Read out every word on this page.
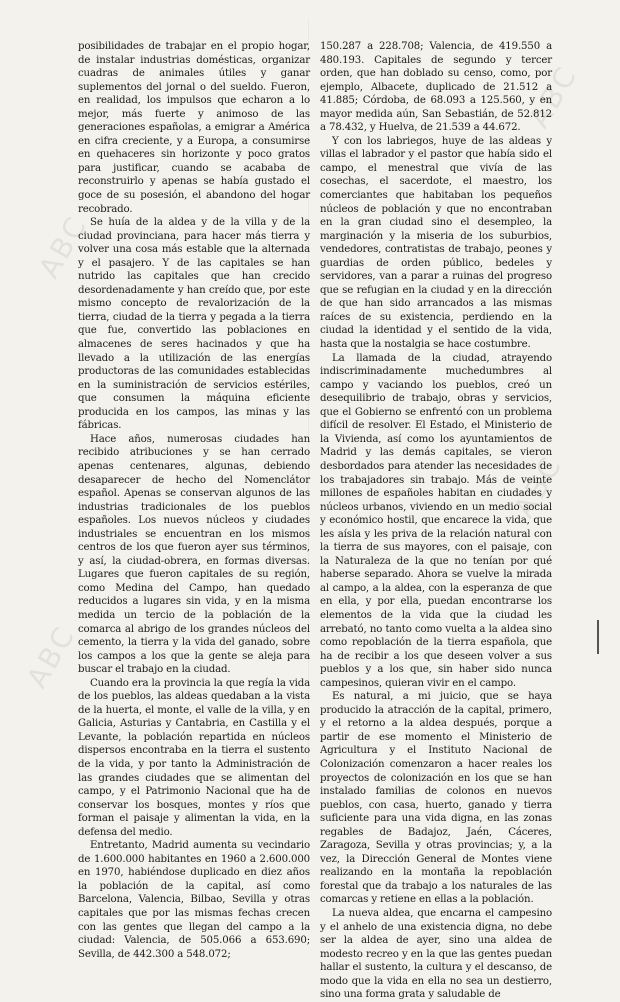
ABC
ABC
ABC
ABC

posibilidades de trabajar en el propio hogar, de instalar industrias domésticas, organizar cuadras de animales útiles y ganar suplementos del jornal o del sueldo. Fueron, en realidad, los impulsos que echaron a lo mejor, más fuerte y animoso de las generaciones españolas, a emigrar a América en cifra creciente, y a Europa, a consumirse en quehaceres sin horizonte y poco gratos para justificar, cuando se acababa de reconstruirlo y apenas se había gustado el goce de su posesión, el abandono del hogar recobrado.

Se huía de la aldea y de la villa y de la ciudad provinciana, para hacer más tierra y volver una cosa más estable que la alternada y el pasajero. Y de las capitales se han nutrido las capitales que han crecido desordenadamente y han creído que, por este mismo concepto de revalorización de la tierra, ciudad de la tierra y pegada a la tierra que fue, convertido las poblaciones en almacenes de seres hacinados y que ha llevado a la utilización de las energías productoras de las comunidades establecidas en la suministración de servicios estériles, que consumen la máquina eficiente producida en los campos, las minas y las fábricas.

Hace años, numerosas ciudades han recibido atribuciones y se han cerrado apenas centenares, algunas, debiendo desaparecer de hecho del Nomenclátor español. Apenas se conservan algunos de las industrias tradicionales de los pueblos españoles. Los nuevos núcleos y ciudades industriales se encuentran en los mismos centros de los que fueron ayer sus términos, y así, la ciudad-obrera, en formas diversas. Lugares que fueron capitales de su región, como Medina del Campo, han quedado reducidos a lugares sin vida, y en la misma medida un tercio de la población de la comarca al abrigo de los grandes núcleos del cemento, la tierra y la vida del ganado, sobre los campos a los que la gente se aleja para buscar el trabajo en la ciudad.

Cuando era la provincia la que regía la vida de los pueblos, las aldeas quedaban a la vista de la huerta, el monte, el valle de la villa, y en Galicia, Asturias y Cantabria, en Castilla y el Levante, la población repartida en núcleos dispersos encontraba en la tierra el sustento de la vida, y por tanto la Administración de las grandes ciudades que se alimentan del campo, y el Patrimonio Nacional que ha de conservar los bosques, montes y ríos que forman el paisaje y alimentan la vida, en la defensa del medio.

Entretanto, Madrid aumenta su vecindario de 1.600.000 habitantes en 1960 a 2.600.000 en 1970, habiéndose duplicado en diez años la población de la capital, así como Barcelona, Valencia, Bilbao, Sevilla y otras capitales que por las mismas fechas crecen con las gentes que llegan del campo a la ciudad: Valencia, de 505.066 a 653.690; Sevilla, de 442.300 a 548.072;

150.287 a 228.708; Valencia, de 419.550 a 480.193. Capitales de segundo y tercer orden, que han doblado su censo, como, por ejemplo, Albacete, duplicado de 21.512 a 41.885; Córdoba, de 68.093 a 125.560, y en mayor medida aún, San Sebastián, de 52.812 a 78.432, y Huelva, de 21.539 a 44.672.

Y con los labriegos, huye de las aldeas y villas el labrador y el pastor que había sido el campo, el menestral que vivía de las cosechas, el sacerdote, el maestro, los comerciantes que habitaban los pequeños núcleos de población y que no encontraban en la gran ciudad sino el desempleo, la marginación y la miseria de los suburbios, vendedores, contratistas de trabajo, peones y guardias de orden público, bedeles y servidores, van a parar a ruinas del progreso que se refugian en la ciudad y en la dirección de que han sido arrancados a las mismas raíces de su existencia, perdiendo en la ciudad la identidad y el sentido de la vida, hasta que la nostalgia se hace costumbre.

La llamada de la ciudad, atrayendo indiscriminadamente muchedumbres al campo y vaciando los pueblos, creó un desequilibrio de trabajo, obras y servicios, que el Gobierno se enfrentó con un problema difícil de resolver. El Estado, el Ministerio de la Vivienda, así como los ayuntamientos de Madrid y las demás capitales, se vieron desbordados para atender las necesidades de los trabajadores sin trabajo. Más de veinte millones de españoles habitan en ciudades y núcleos urbanos, viviendo en un medio social y económico hostil, que encarece la vida, que les aísla y les priva de la relación natural con la tierra de sus mayores, con el paisaje, con la Naturaleza de la que no tenían por qué haberse separado. Ahora se vuelve la mirada al campo, a la aldea, con la esperanza de que en ella, y por ella, puedan encontrarse los elementos de la vida que la ciudad les arrebató, no tanto como vuelta a la aldea sino como repoblación de la tierra española, que ha de recibir a los que deseen volver a sus pueblos y a los que, sin haber sido nunca campesinos, quieran vivir en el campo.

Es natural, a mi juicio, que se haya producido la atracción de la capital, primero, y el retorno a la aldea después, porque a partir de ese momento el Ministerio de Agricultura y el Instituto Nacional de Colonización comenzaron a hacer reales los proyectos de colonización en los que se han instalado familias de colonos en nuevos pueblos, con casa, huerto, ganado y tierra suficiente para una vida digna, en las zonas regables de Badajoz, Jaén, Cáceres, Zaragoza, Sevilla y otras provincias; y, a la vez, la Dirección General de Montes viene realizando en la montaña la repoblación forestal que da trabajo a los naturales de las comarcas y retiene en ellas a la población.

La nueva aldea, que encarna el campesino y el anhelo de una existencia digna, no debe ser la aldea de ayer, sino una aldea de modesto recreo y en la que las gentes puedan hallar el sustento, la cultura y el descanso, de modo que la vida en ella no sea un destierro, sino una forma grata y saludable de
